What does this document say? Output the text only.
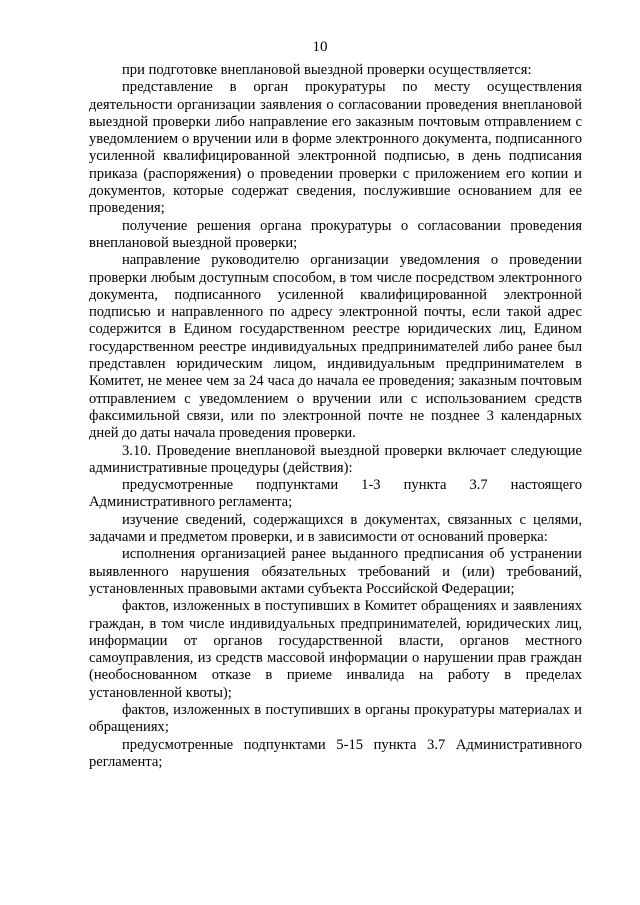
10

при подготовке внеплановой выездной проверки осуществляется:

представление в орган прокуратуры по месту осуществления деятельности организации заявления о согласовании проведения внеплановой выездной проверки либо направление его заказным почтовым отправлением с уведомлением о вручении или в форме электронного документа, подписанного усиленной квалифицированной электронной подписью, в день подписания приказа (распоряжения) о проведении проверки с приложением его копии и документов, которые содержат сведения, послужившие основанием для ее проведения;

получение решения органа прокуратуры о согласовании проведения внеплановой выездной проверки;

направление руководителю организации уведомления о проведении проверки любым доступным способом, в том числе посредством электронного документа, подписанного усиленной квалифицированной электронной подписью и направленного по адресу электронной почты, если такой адрес содержится в Едином государственном реестре юридических лиц, Едином государственном реестре индивидуальных предпринимателей либо ранее был представлен юридическим лицом, индивидуальным предпринимателем в Комитет, не менее чем за 24 часа до начала ее проведения; заказным почтовым отправлением с уведомлением о вручении или с использованием средств факсимильной связи, или по электронной почте не позднее 3 календарных дней до даты начала проведения проверки.

3.10. Проведение внеплановой выездной проверки включает следующие административные процедуры (действия):

предусмотренные подпунктами 1-3 пункта 3.7 настоящего Административного регламента;

изучение сведений, содержащихся в документах, связанных с целями, задачами и предметом проверки, и в зависимости от оснований проверка:

исполнения организацией ранее выданного предписания об устранении выявленного нарушения обязательных требований и (или) требований, установленных правовыми актами субъекта Российской Федерации;

фактов, изложенных в поступивших в Комитет обращениях и заявлениях граждан, в том числе индивидуальных предпринимателей, юридических лиц, информации от органов государственной власти, органов местного самоуправления, из средств массовой информации о нарушении прав граждан (необоснованном отказе в приеме инвалида на работу в пределах установленной квоты);

фактов, изложенных в поступивших в органы прокуратуры материалах и обращениях;

предусмотренные подпунктами 5-15 пункта 3.7 Административного регламента;
